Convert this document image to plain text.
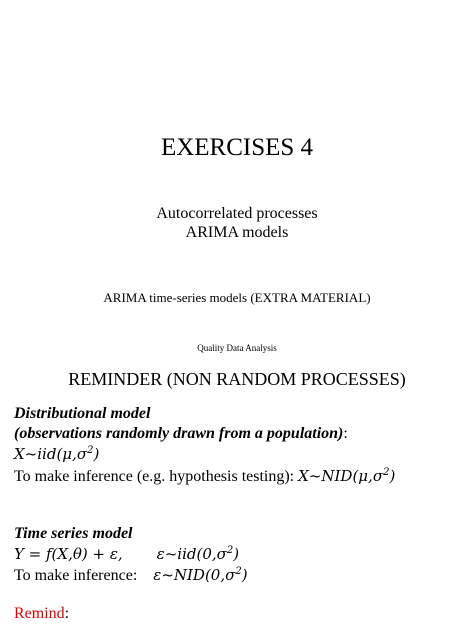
EXERCISES 4
Autocorrelated processes
ARIMA models
ARIMA time-series models (EXTRA MATERIAL)
Quality Data Analysis
REMINDER (NON RANDOM PROCESSES)
Distributional model
(observations randomly drawn from a population):
$X\sim iid(\mu,\sigma^2)$
To make inference (e.g. hypothesis testing): $X\sim NID(\mu,\sigma^2)$
Time series model
Y = f(X,θ) + ε, $\varepsilon\sim iid(0,\sigma^2)$
To make inference: $\varepsilon\sim NID(0,\sigma^2)$
Remind:
